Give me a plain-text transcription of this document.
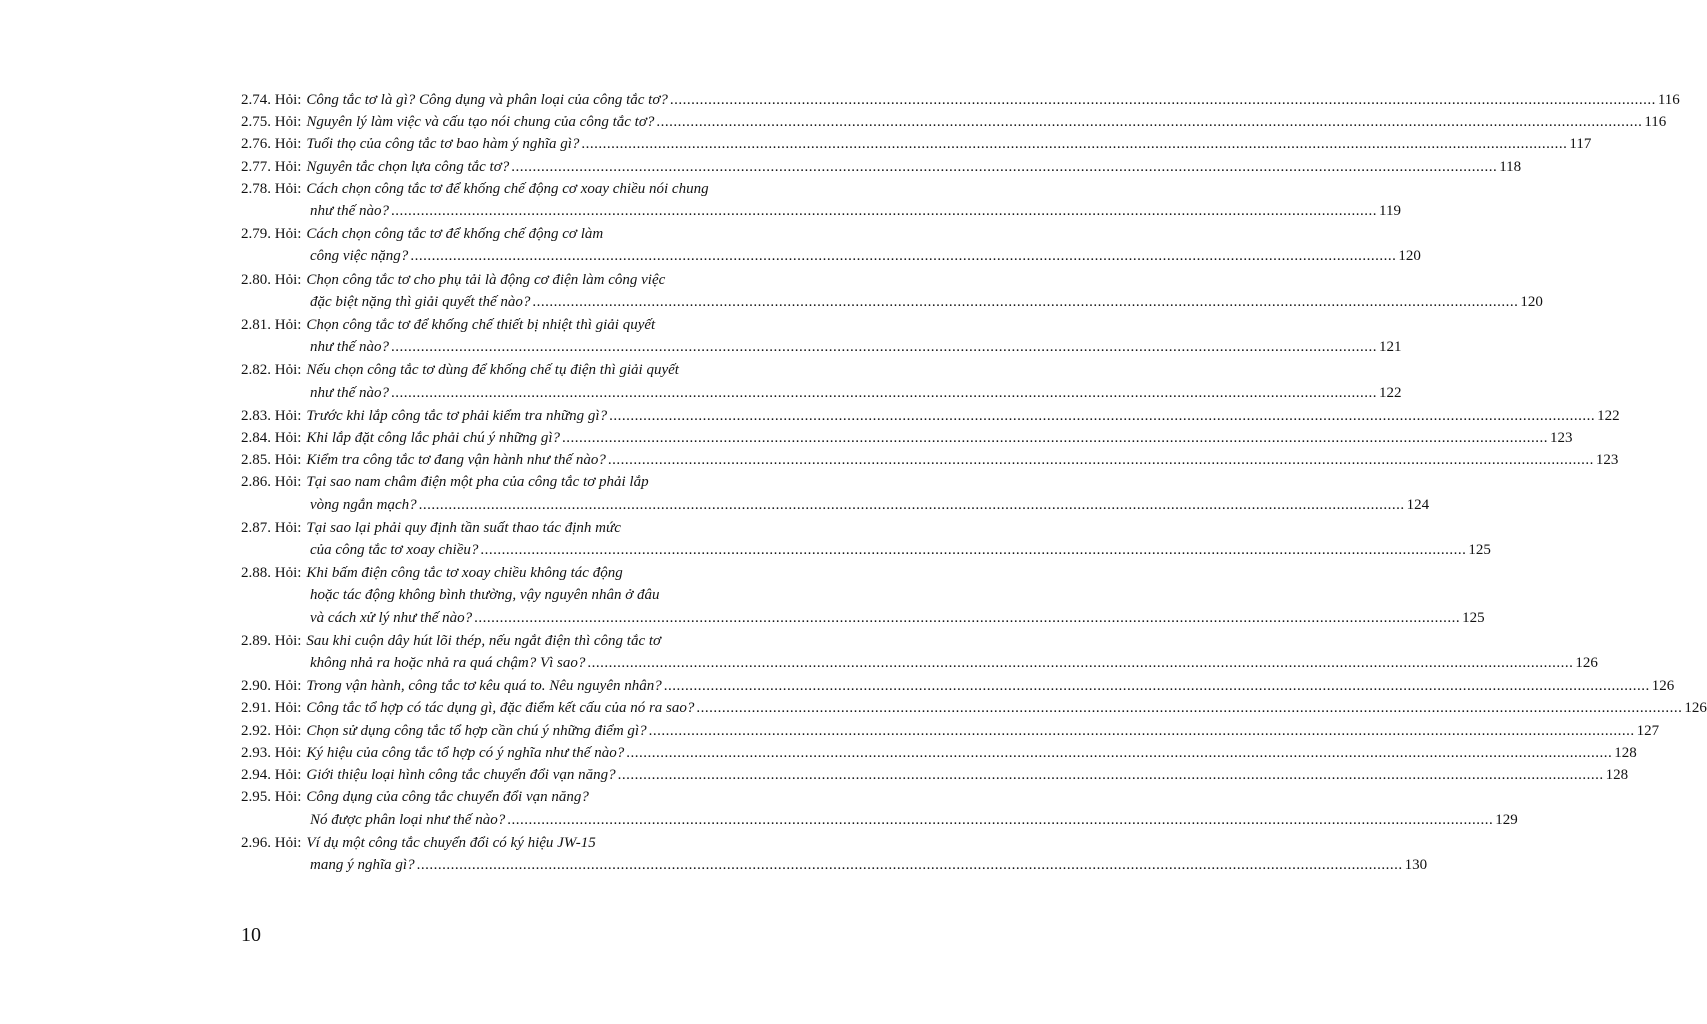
2.74.
Hỏi: Công tắc tơ là gì? Công dụng và phân loại của công tắc tơ? .....	116
2.75.
Hỏi: Nguyên lý làm việc và cấu tạo nói chung của công tắc tơ? .....	116
2.76.
Hỏi: Tuổi thọ của công tắc tơ bao hàm ý nghĩa gì? .....	117
2.77.
Hỏi: Nguyên tắc chọn lựa công tắc tơ? .....	118
2.78.
Hỏi: Cách chọn công tắc tơ để khống chế động cơ xoay chiều nói chung
như thế nào? .....	119
2.79.
Hỏi: Cách chọn công tắc tơ để khống chế động cơ làm
công việc nặng? .....	120
2.80.
Hỏi: Chọn công tắc tơ cho phụ tải là động cơ điện làm công việc
đặc biệt nặng thì giải quyết thế nào? .....	120
2.81.
Hỏi: Chọn công tắc tơ để khống chế thiết bị nhiệt thì giải quyết
như thế nào? .....	121
2.82.
Hỏi: Nếu chọn công tắc tơ dùng để khống chế tụ điện thì giải quyết
như thế nào? .....	122
2.83.
Hỏi: Trước khi lắp công tắc tơ phải kiểm tra những gì? .....	122
2.84.
Hỏi: Khi lắp đặt công lắc phải chú ý những gì? .....	123
2.85.
Hỏi: Kiểm tra công tắc tơ đang vận hành như thế nào? .....	123
2.86.
Hỏi: Tại sao nam châm điện một pha của công tắc tơ phải lắp
vòng ngắn mạch? .....	124
2.87.
Hỏi: Tại sao lại phải quy định tần suất thao tác định mức
của công tắc tơ xoay chiều? .....	125
2.88.
Hỏi: Khi bấm điện công tắc tơ xoay chiều không tác động
hoặc tác động không bình thường, vậy nguyên nhân ở đâu
và cách xử lý như thế nào? .....	125
2.89.
Hỏi: Sau khi cuộn dây hút lõi thép, nếu ngắt điện thì công tắc tơ
không nhả ra hoặc nhả ra quá chậm? Vì sao? .....	126
2.90.
Hỏi: Trong vận hành, công tắc tơ kêu quá to. Nêu nguyên nhân? .....	126
2.91.
Hỏi: Công tắc tổ hợp có tác dụng gì, đặc điểm kết cấu của nó ra sao? .....	126
2.92.
Hỏi: Chọn sử dụng công tắc tổ hợp cần chú ý những điểm gì? .....	127
2.93.
Hỏi: Ký hiệu của công tắc tổ hợp có ý nghĩa như thế nào? .....	128
2.94.
Hỏi: Giới thiệu loại hình công tắc chuyển đổi vạn năng? .....	128
2.95.
Hỏi: Công dụng của công tắc chuyển đổi vạn năng?
Nó được phân loại như thế nào? .....	129
2.96.
Hỏi: Ví dụ một công tắc chuyển đổi có ký hiệu JW-15
mang ý nghĩa gì? .....	130
10
